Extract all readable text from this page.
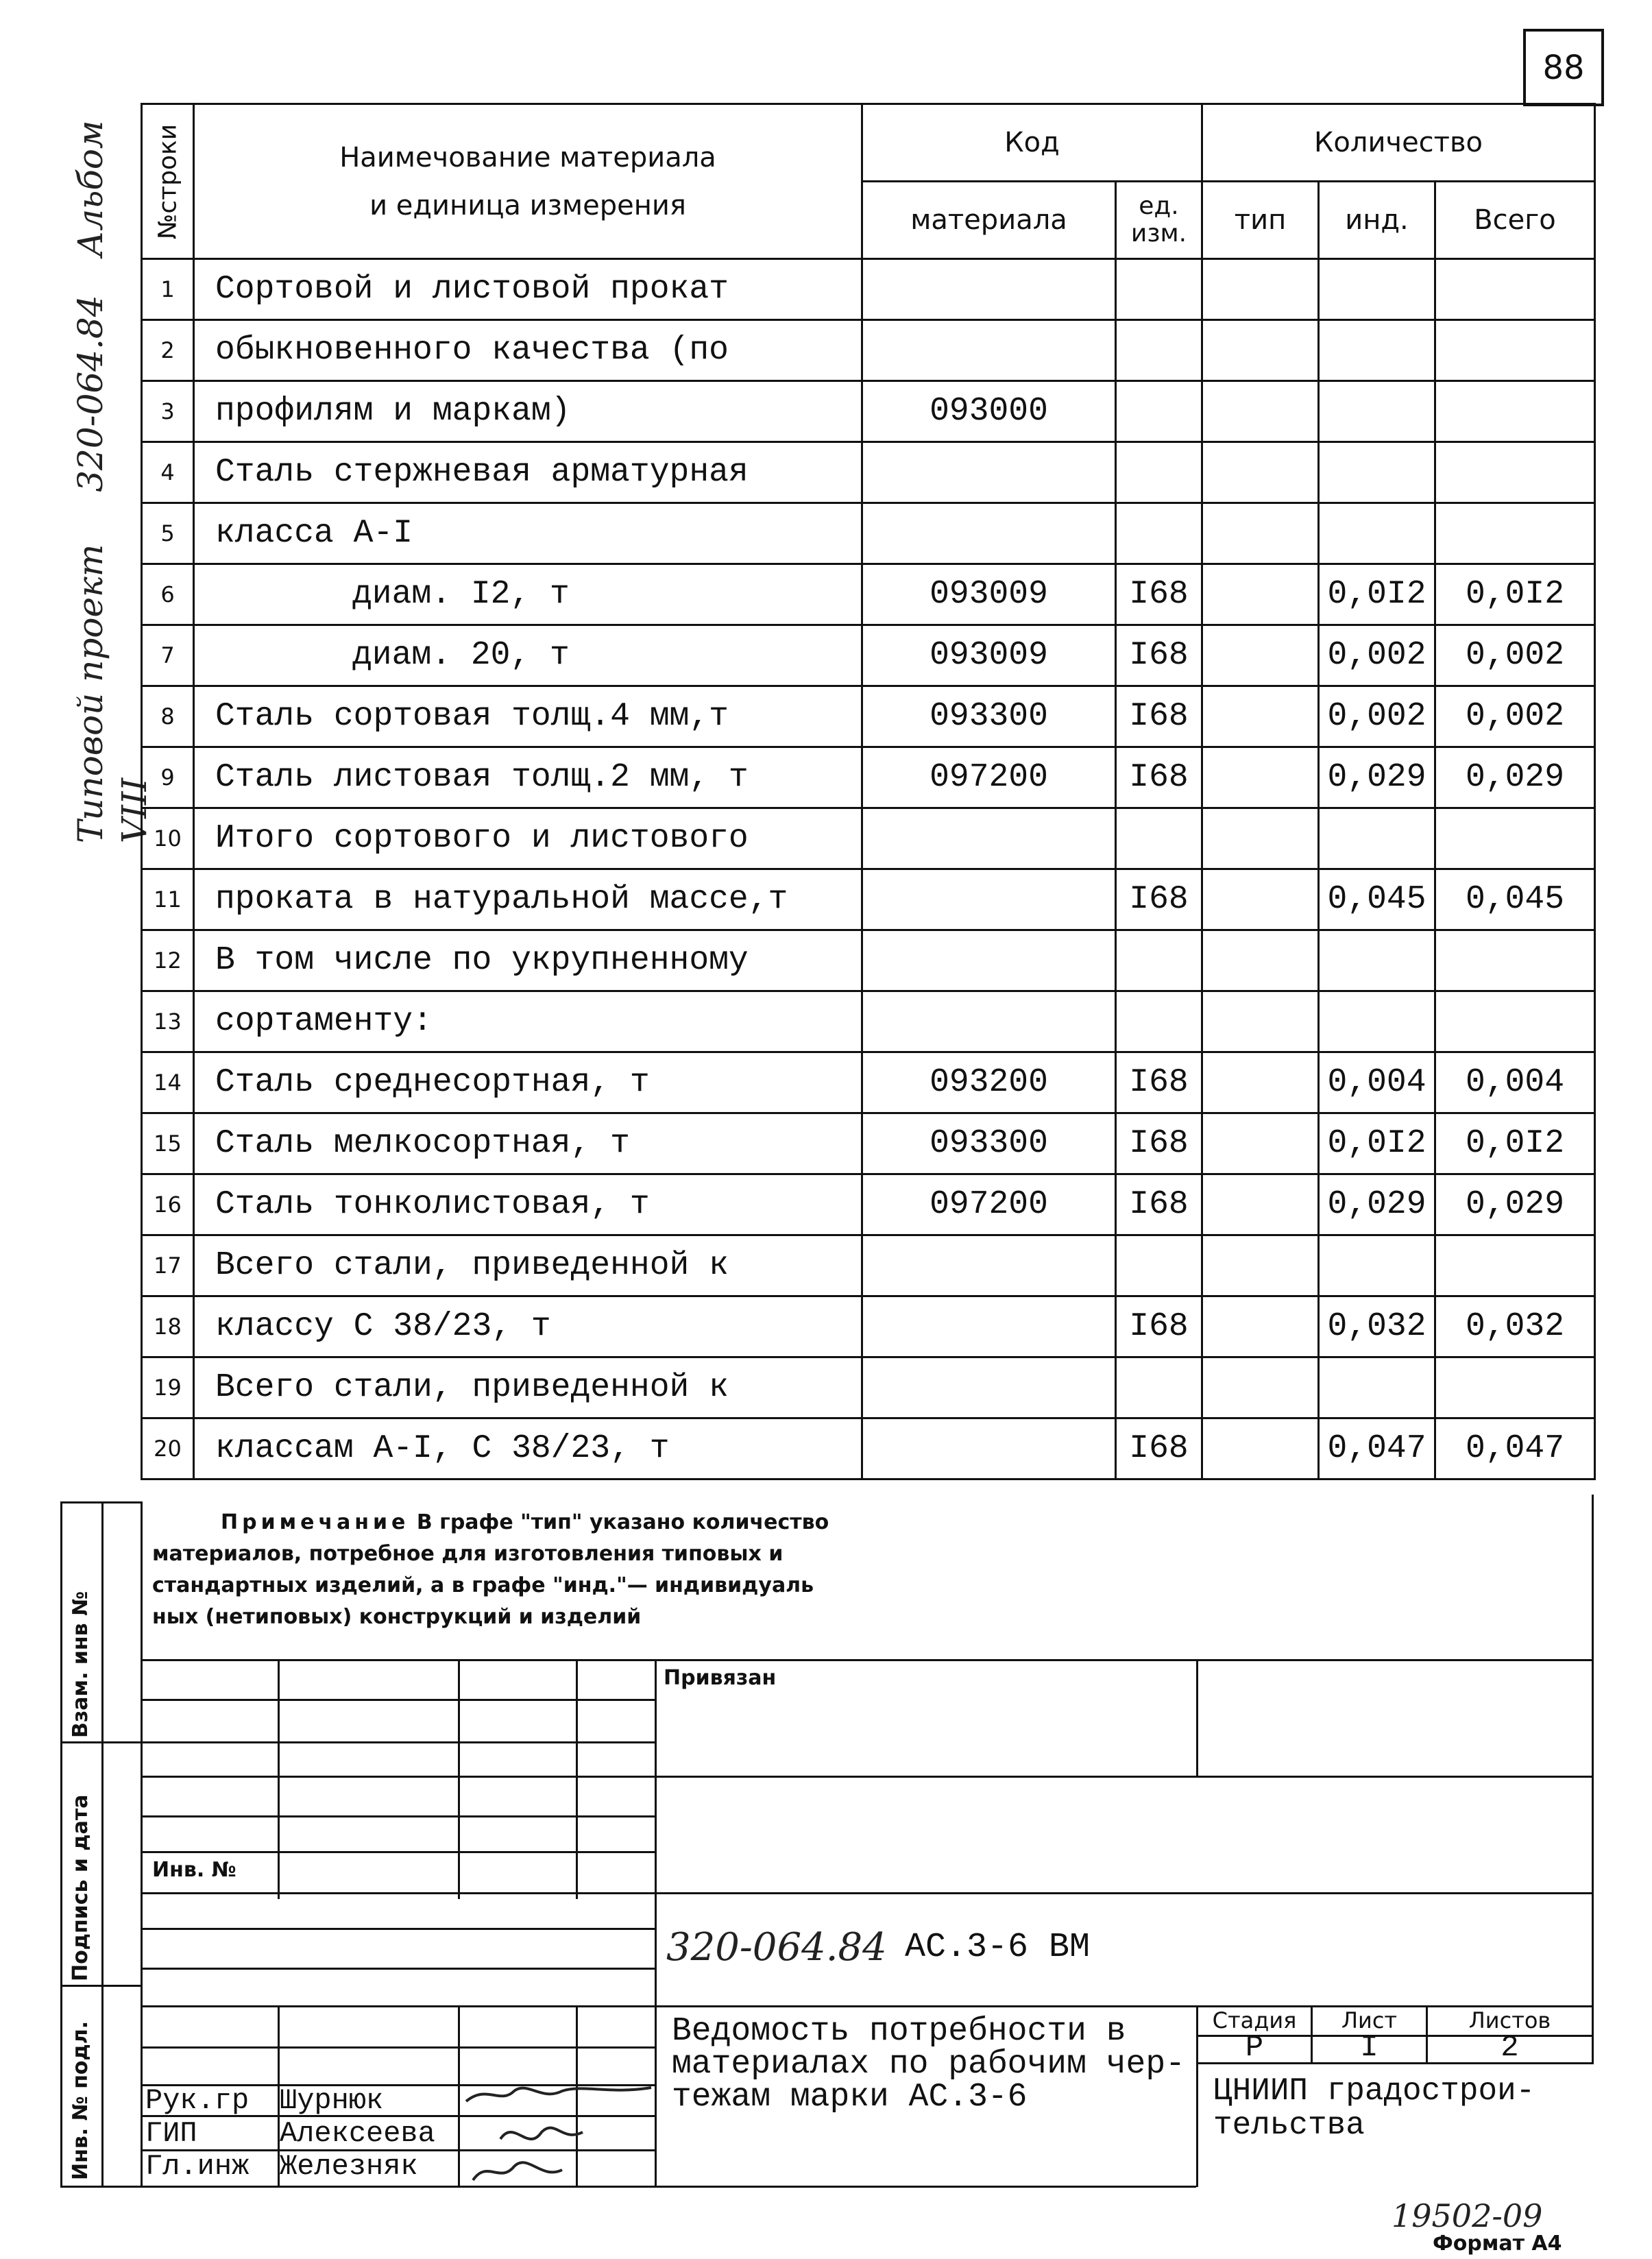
88
Типовой проект 320-064.84 Альбом VIII
№строки	Наимечование материала
и единица измерения	Код		Количество		
		материала	ед. изм.	тип	инд.	Всего
1	Сортовой и листовой прокат					
2	обыкновенного качества (по					
3	профилям и маркам)	093000				
4	Сталь стержневая арматурная					
5	класса А-I					
6	диам. I2, т	093009	I68		0,0I2	0,0I2
7	диам. 20, т	093009	I68		0,002	0,002
8	Сталь сортовая толщ.4 мм,т	093300	I68		0,002	0,002
9	Сталь листовая толщ.2 мм, т	097200	I68		0,029	0,029
10	Итого сортового и листового					
11	проката в натуральной массе,т		I68		0,045	0,045
12	В том числе по укрупненному					
13	сортаменту:					
14	Сталь среднесортная, т	093200	I68		0,004	0,004
15	Сталь мелкосортная, т	093300	I68		0,0I2	0,0I2
16	Сталь тонколистовая, т	097200	I68		0,029	0,029
17	Всего стали, приведенной к					
18	классу С 38/23, т		I68		0,032	0,032
19	Всего стали, приведенной к					
20	классам А-I, С 38/23, т		I68		0,047	0,047
Примечание В графе "тип" указано количество
материалов, потребное для изготовления типовых и
стандартных изделий, а в графе "инд."— индивидуаль
ных (нетиповых) конструкций и изделий
Взам. инв №
Подпись и дата
Инв. № подл.
Инв. №
Привязан
320-064.84 АС.3-6 ВМ
Ведомость потребности в
материалах по рабочим чер-
тежам марки АС.3-6
Стадия	Лист	Листов
Р	I	2
ЦНИИП градострои-
тельства
Рук.гр Шурнюк
ГИП	Алексеева
Гл.инж Железняк
19502-09
Формат А4
